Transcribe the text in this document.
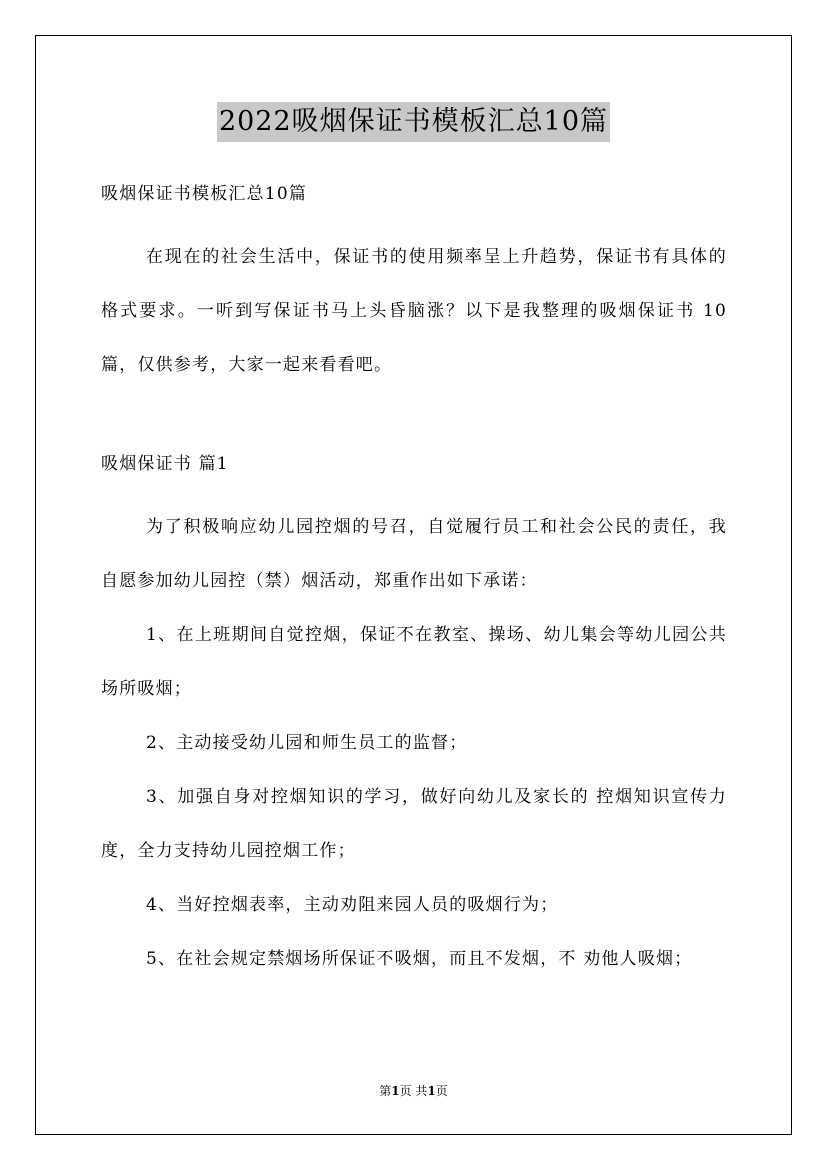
2022吸烟保证书模板汇总10篇
吸烟保证书模板汇总10篇
在现在的社会生活中，保证书的使用频率呈上升趋势，保证书有具体的格式要求。一听到写保证书马上头昏脑涨？以下是我整理的吸烟保证书 10篇，仅供参考，大家一起来看看吧。
吸烟保证书 篇1

为了积极响应幼儿园控烟的号召，自觉履行员工和社会公民的责任，我自愿参加幼儿园控（禁）烟活动，郑重作出如下承诺：

1、在上班期间自觉控烟，保证不在教室、操场、幼儿集会等幼儿园公共场所吸烟；

2、主动接受幼儿园和师生员工的监督；

3、加强自身对控烟知识的学习，做好向幼儿及家长的 控烟知识宣传力度，全力支持幼儿园控烟工作；

4、当好控烟表率，主动劝阻来园人员的吸烟行为；

5、在社会规定禁烟场所保证不吸烟，而且不发烟，不 劝他人吸烟；

第1页 共1页
